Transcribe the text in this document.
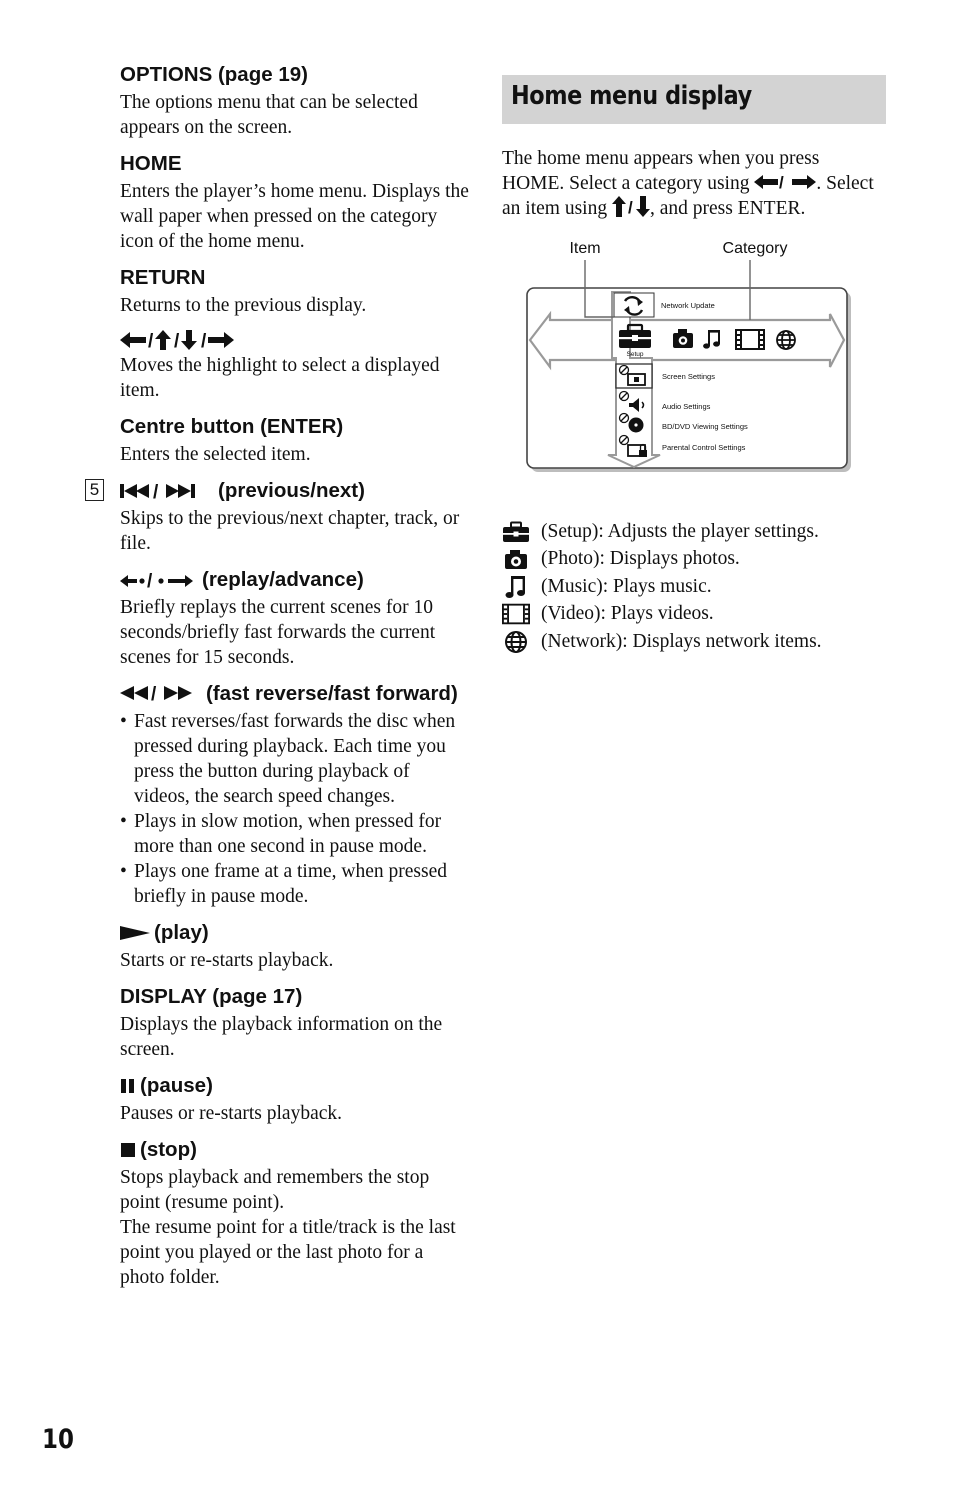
OPTIONS (page 19)

The options menu that can be selected appears on the screen.

HOME

Enters the player’s home menu. Displays the wall paper when pressed on the category icon of the home menu.

RETURN

Returns to the previous display.

/ / /

Moves the highlight to select a displayed item.

Centre button (ENTER)

Enters the selected item.

5	/	(previous/next)

Skips to the previous/next chapter, track, or file.

/ (replay/advance)

Briefly replays the current scenes for 10 seconds/briefly fast forwards the current scenes for 15 seconds.

/ (fast reverse/fast forward)

• Fast reverses/fast forwards the disc when pressed during playback. Each time you press the button during playback of videos, the search speed changes.
• Plays in slow motion, when pressed for more than one second in pause mode.
• Plays one frame at a time, when pressed briefly in pause mode.

(play)

Starts or re-starts playback.

DISPLAY (page 17)

Displays the playback information on the screen.

(pause)

Pauses or re-starts playback.

(stop)

Stops playback and remembers the stop point (resume point).

The resume point for a title/track is the last point you played or the last photo for a photo folder.

Home menu display

The home menu appears when you press HOME. Select a category using / . Select an item using / , and press ENTER.

Item	Category
Network Update
Setup
Screen Settings
Audio Settings
BD/DVD Viewing Settings
Parental Control Settings
(Setup): Adjusts the player settings.
(Photo): Displays photos.
(Music): Plays music.
(Video): Plays videos.
(Network): Displays network items.
10
